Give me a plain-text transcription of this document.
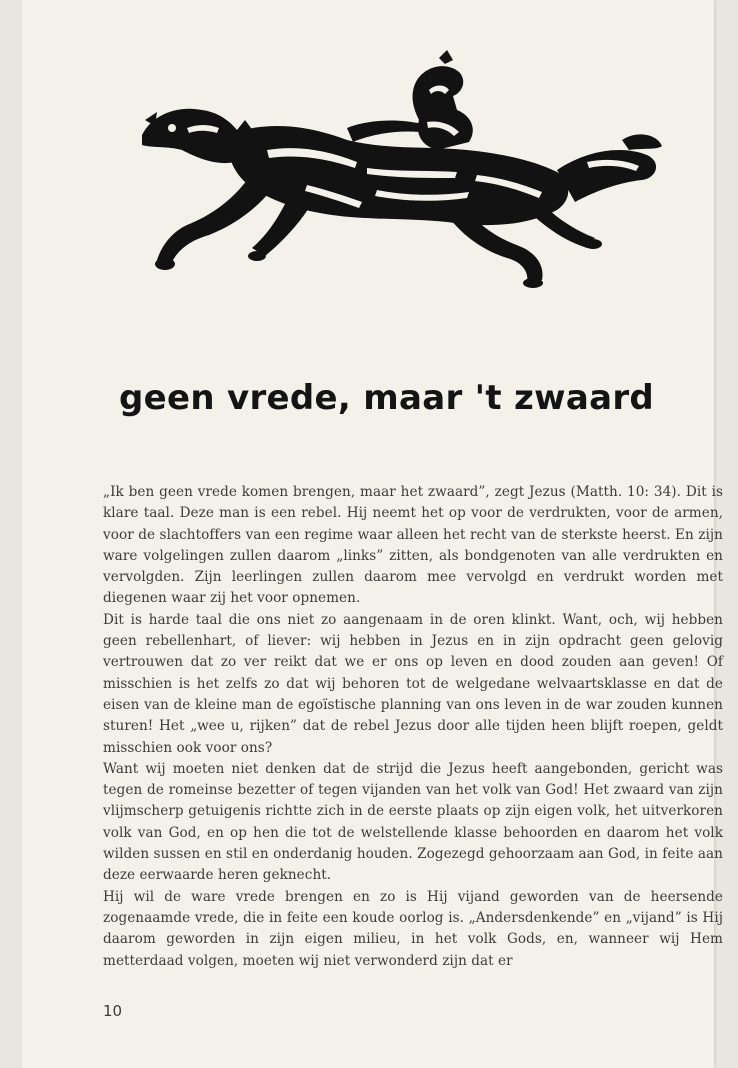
geen vrede, maar 't zwaard

„Ik ben geen vrede komen brengen, maar het zwaard”, zegt Jezus (Matth. 10: 34). Dit is klare taal. Deze man is een rebel. Hij neemt het op voor de verdrukten, voor de armen, voor de slachtoffers van een regime waar alleen het recht van de sterkste heerst. En zijn ware volgelingen zullen daarom „links” zitten, als bondgenoten van alle verdrukten en vervolgden. Zijn leerlingen zullen daarom mee vervolgd en verdrukt worden met diegenen waar zij het voor opnemen.

Dit is harde taal die ons niet zo aangenaam in de oren klinkt. Want, och, wij hebben geen rebellenhart, of liever: wij hebben in Jezus en in zijn opdracht geen gelovig vertrouwen dat zo ver reikt dat we er ons op leven en dood zouden aan geven! Of misschien is het zelfs zo dat wij behoren tot de welgedane welvaartsklasse en dat de eisen van de kleine man de egoïstische planning van ons leven in de war zouden kunnen sturen! Het „wee u, rijken” dat de rebel Jezus door alle tijden heen blijft roepen, geldt misschien ook voor ons?

Want wij moeten niet denken dat de strijd die Jezus heeft aangebonden, gericht was tegen de romeinse bezetter of tegen vijanden van het volk van God! Het zwaard van zijn vlijmscherp getuigenis richtte zich in de eerste plaats op zijn eigen volk, het uitverkoren volk van God, en op hen die tot de welstellende klasse behoorden en daarom het volk wilden sussen en stil en onderdanig houden. Zogezegd gehoorzaam aan God, in feite aan deze eerwaarde heren geknecht.

Hij wil de ware vrede brengen en zo is Hij vijand geworden van de heersende zogenaamde vrede, die in feite een koude oorlog is. „Andersdenkende” en „vijand” is Hij daarom geworden in zijn eigen milieu, in het volk Gods, en, wanneer wij Hem metterdaad volgen, moeten wij niet verwonderd zijn dat er

10
